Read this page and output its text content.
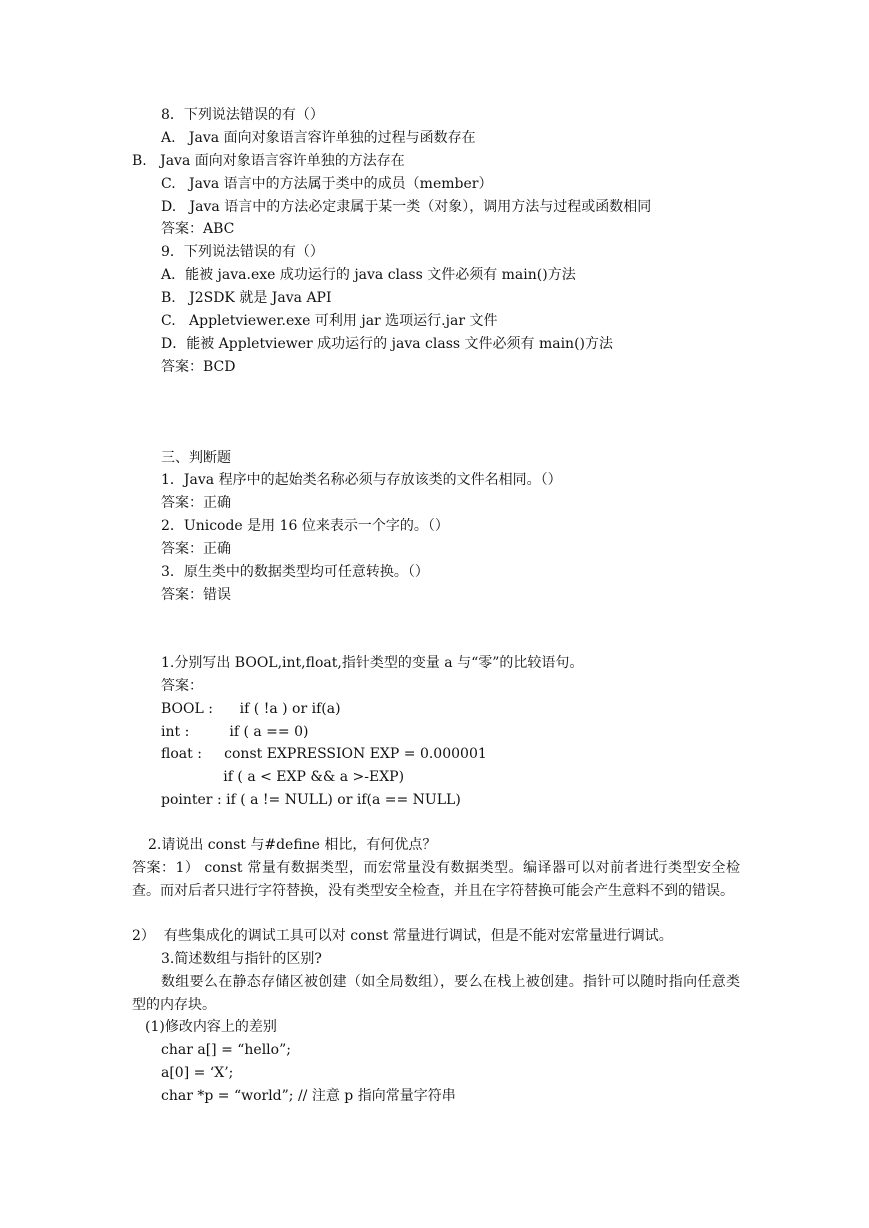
8．下列说法错误的有（）
A.   Java 面向对象语言容许单独的过程与函数存在
B.   Java 面向对象语言容许单独的方法存在
C.   Java 语言中的方法属于类中的成员（member）
D.   Java 语言中的方法必定隶属于某一类（对象），调用方法与过程或函数相同
答案：ABC
9．下列说法错误的有（）
A．能被 java.exe 成功运行的 java class 文件必须有 main()方法
B.   J2SDK 就是 Java API
C.   Appletviewer.exe 可利用 jar 选项运行.jar 文件
D．能被 Appletviewer 成功运行的 java class 文件必须有 main()方法
答案：BCD
三、判断题
1．Java 程序中的起始类名称必须与存放该类的文件名相同。（）
答案：正确
2．Unicode 是用 16 位来表示一个字的。（）
答案：正确
3．原生类中的数据类型均可任意转换。（）
答案：错误
1.分别写出 BOOL,int,float,指针类型的变量 a 与“零”的比较语句。
答案：
BOOL :      if ( !a ) or if(a)
int :         if ( a == 0)
float :     const EXPRESSION EXP = 0.000001
if ( a < EXP && a >-EXP)
pointer : if ( a != NULL) or if(a == NULL)
2.请说出 const 与#define 相比，有何优点？
答案：1） const 常量有数据类型，而宏常量没有数据类型。编译器可以对前者进行类型安全检查。而对后者只进行字符替换，没有类型安全检查，并且在字符替换可能会产生意料不到的错误。
2）  有些集成化的调试工具可以对 const 常量进行调试，但是不能对宏常量进行调试。
3.简述数组与指针的区别?
数组要么在静态存储区被创建（如全局数组），要么在栈上被创建。指针可以随时指向任意类型的内存块。
(1)修改内容上的差别
char a[] = “hello”;
a[0] = ‘X’;
char *p = “world”; // 注意 p 指向常量字符串
